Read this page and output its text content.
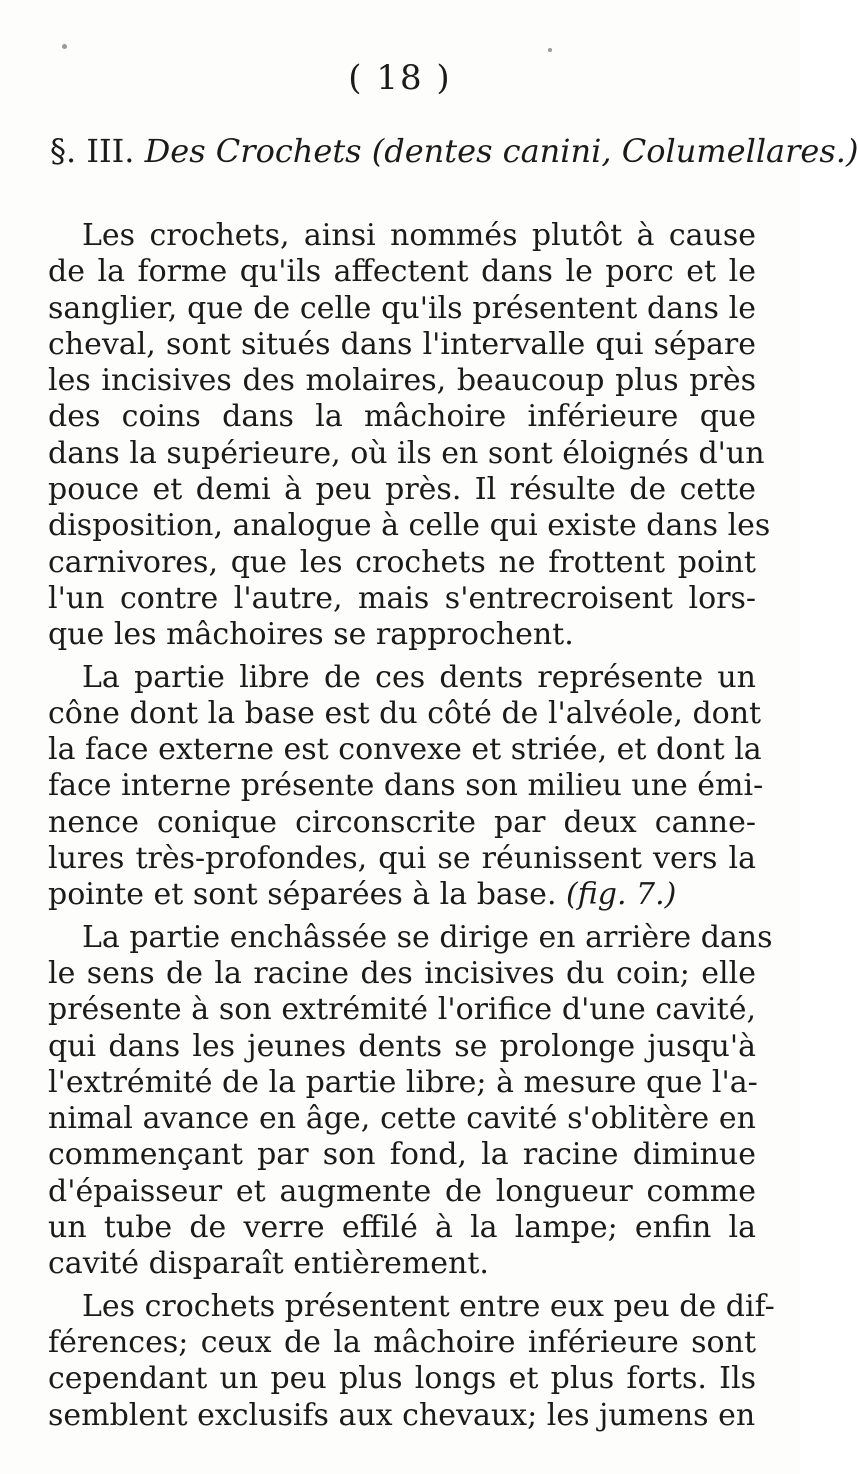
( 18 )
§. III. Des Crochets (dentes canini, Columellares.)
Les crochets, ainsi nommés plutôt à cause
de la forme qu'ils affectent dans le porc et le
sanglier, que de celle qu'ils présentent dans le
cheval, sont situés dans l'intervalle qui sépare
les incisives des molaires, beaucoup plus près
des coins dans la mâchoire inférieure que
dans la supérieure, où ils en sont éloignés d'un
pouce et demi à peu près. Il résulte de cette
disposition, analogue à celle qui existe dans les
carnivores, que les crochets ne frottent point
l'un contre l'autre, mais s'entrecroisent lors-
que les mâchoires se rapprochent.
La partie libre de ces dents représente un
cône dont la base est du côté de l'alvéole, dont
la face externe est convexe et striée, et dont la
face interne présente dans son milieu une émi-
nence conique circonscrite par deux canne-
lures très-profondes, qui se réunissent vers la
pointe et sont séparées à la base. (fig. 7.)
La partie enchâssée se dirige en arrière dans
le sens de la racine des incisives du coin; elle
présente à son extrémité l'orifice d'une cavité,
qui dans les jeunes dents se prolonge jusqu'à
l'extrémité de la partie libre; à mesure que l'a-
nimal avance en âge, cette cavité s'oblitère en
commençant par son fond, la racine diminue
d'épaisseur et augmente de longueur comme
un tube de verre effilé à la lampe; enfin la
cavité disparaît entièrement.
Les crochets présentent entre eux peu de dif-
férences; ceux de la mâchoire inférieure sont
cependant un peu plus longs et plus forts. Ils
semblent exclusifs aux chevaux; les jumens en
